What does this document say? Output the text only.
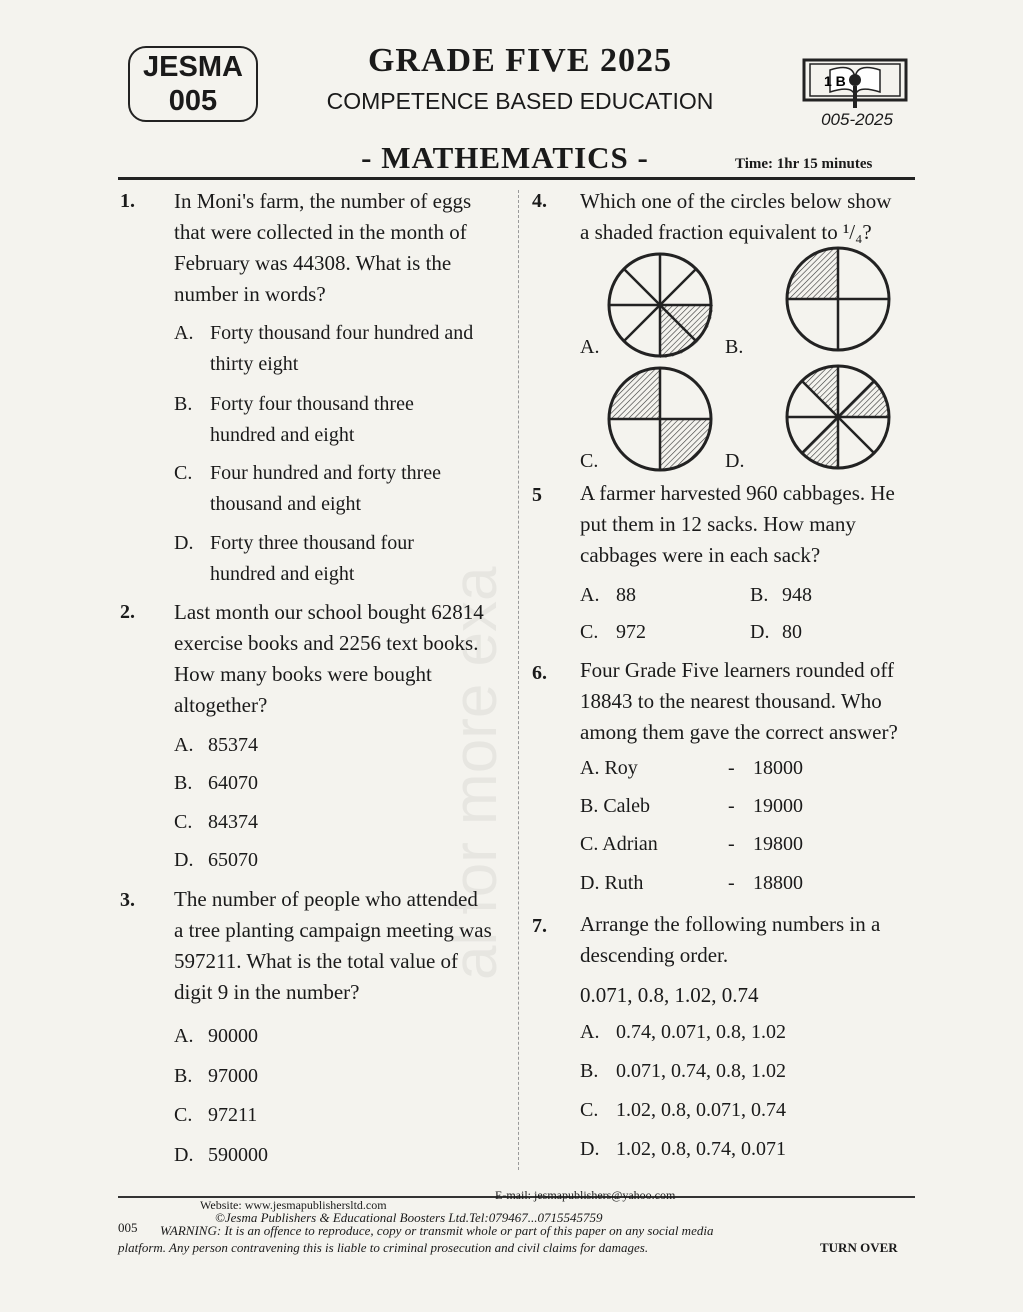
JESMA
005
GRADE FIVE 2025
COMPETENCE BASED EDUCATION
1 B
005-2025
- MATHEMATICS -	Time: 1hr 15 minutes
al for more exa
1. In Moni's farm, the number of eggs
that were collected in the month of
February was 44308. What is the
number in words?
A. Forty thousand four hundred and
thirty eight
B. Forty four thousand three
hundred and eight
C. Four hundred and forty three
thousand and eight
D. Forty three thousand four
hundred and eight
2. Last month our school bought 62814
exercise books and 2256 text books.
How many books were bought
altogether?
A. 85374
B. 64070
C. 84374
D. 65070
3. The number of people who attended
a tree planting campaign meeting was
597211. What is the total value of
digit 9 in the number?
A. 90000
B. 97000
C. 97211
D. 590000
4. Which one of the circles below show
a shaded fraction equivalent to ¹/₄?
A.	B.
C.	D.
5 A farmer harvested 960 cabbages. He
put them in 12 sacks. How many
cabbages were in each sack?
A. 88	B. 948
C. 972	D. 80
6. Four Grade Five learners rounded off
18843 to the nearest thousand. Who
among them gave the correct answer?
A. Roy	- 18000
B. Caleb	- 19000
C. Adrian	- 19800
D. Ruth	- 18800
7. Arrange the following numbers in a
descending order.
0.071, 0.8, 1.02, 0.74
A. 0.74, 0.071, 0.8, 1.02
B. 0.071, 0.74, 0.8, 1.02
C. 1.02, 0.8, 0.071, 0.74
D. 1.02, 0.8, 0.74, 0.071
Website: www.jesmapublishersltd.com
E-mail: jesmapublishers@yahoo.com
005
©Jesma Publishers & Educational Boosters Ltd.Tel:079467...0715545759
WARNING: It is an offence to reproduce, copy or transmit whole or part of this paper on any social media
platform. Any person contravening this is liable to criminal prosecution and civil claims for damages.	TURN OVER
